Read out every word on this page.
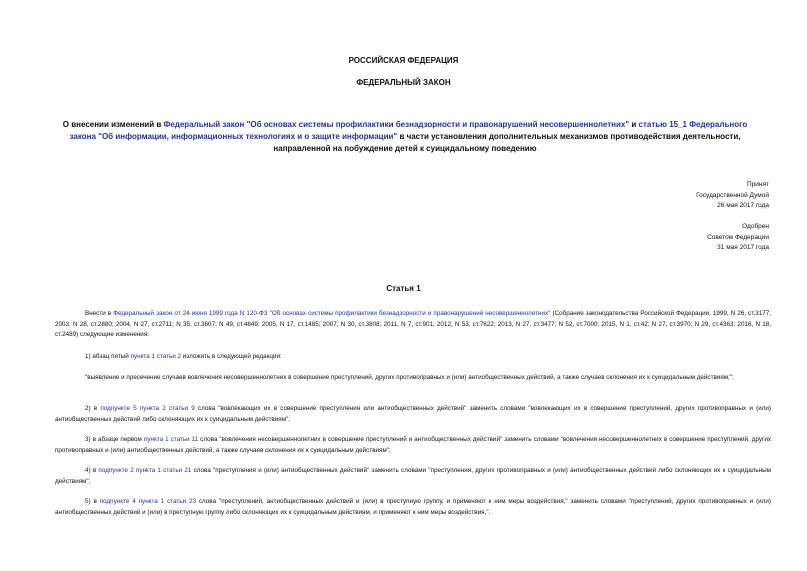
РОССИЙСКАЯ ФЕДЕРАЦИЯ
ФЕДЕРАЛЬНЫЙ ЗАКОН
О внесении изменений в Федеральный закон "Об основах системы профилактики безнадзорности и правонарушений несовершеннолетних" и статью 15_1 Федерального закона "Об информации, информационных технологиях и о защите информации" в части установления дополнительных механизмов противодействия деятельности, направленной на побуждение детей к суицидальному поведению
Принят
Государственной Думой
26 мая 2017 года
Одобрен
Советом Федерации
31 мая 2017 года
Статья 1
Внести в Федеральный закон от 24 июня 1999 года N 120-ФЗ "Об основах системы профилактики безнадзорности и правонарушений несовершеннолетних" (Собрание законодательства Российской Федерации, 1999, N 26, ст.3177; 2003, N 28, ст.2880; 2004, N 27, ст.2711; N 35, ст.3607; N 49, ст.4849; 2005, N 17, ст.1485; 2007, N 30, ст.3808; 2011, N 7, ст.901; 2012, N 53, ст.7622; 2013, N 27, ст.3477; N 52, ст.7000; 2015, N 1, ст.42; N 27, ст.3970; N 29, ст.4363; 2016, N 18, ст.2489) следующие изменения:
1) абзац пятый пункта 1 статьи 2 изложить в следующей редакции:
"выявление и пресечение случаев вовлечения несовершеннолетних в совершение преступлений, других противоправных и (или) антиобщественных действий, а также случаев склонения их к суицидальным действиям;";
2) в подпункте 5 пункта 2 статьи 9 слова "вовлекающих их в совершение преступления или антиобщественных действий" заменить словами "вовлекающих их в совершение преступлений, других противоправных и (или) антиобщественных действий либо склоняющих их к суицидальным действиям";
3) в абзаце первом пункта 1 статьи 11 слова "вовлечения несовершеннолетних в совершение преступлений и антиобщественных действий" заменить словами "вовлечения несовершеннолетних в совершение преступлений, других противоправных и (или) антиобщественных действий, а также случаев склонения их к суицидальным действиям";
4) в подпункте 2 пункта 1 статьи 21 слова "преступления и (или) антиобщественных действий" заменить словами "преступления, других противоправных и (или) антиобщественных действий либо склоняющих их к суицидальным действиям";
5) в подпункте 4 пункта 1 статьи 23 слова "преступлений, антиобщественных действий и (или) в преступную группу, и применяют к ним меры воздействия," заменить словами "преступлений, других противоправных и (или) антиобщественных действий и (или) в преступную группу либо склоняющих их к суицидальным действиям, и применяют к ним меры воздействия,".
